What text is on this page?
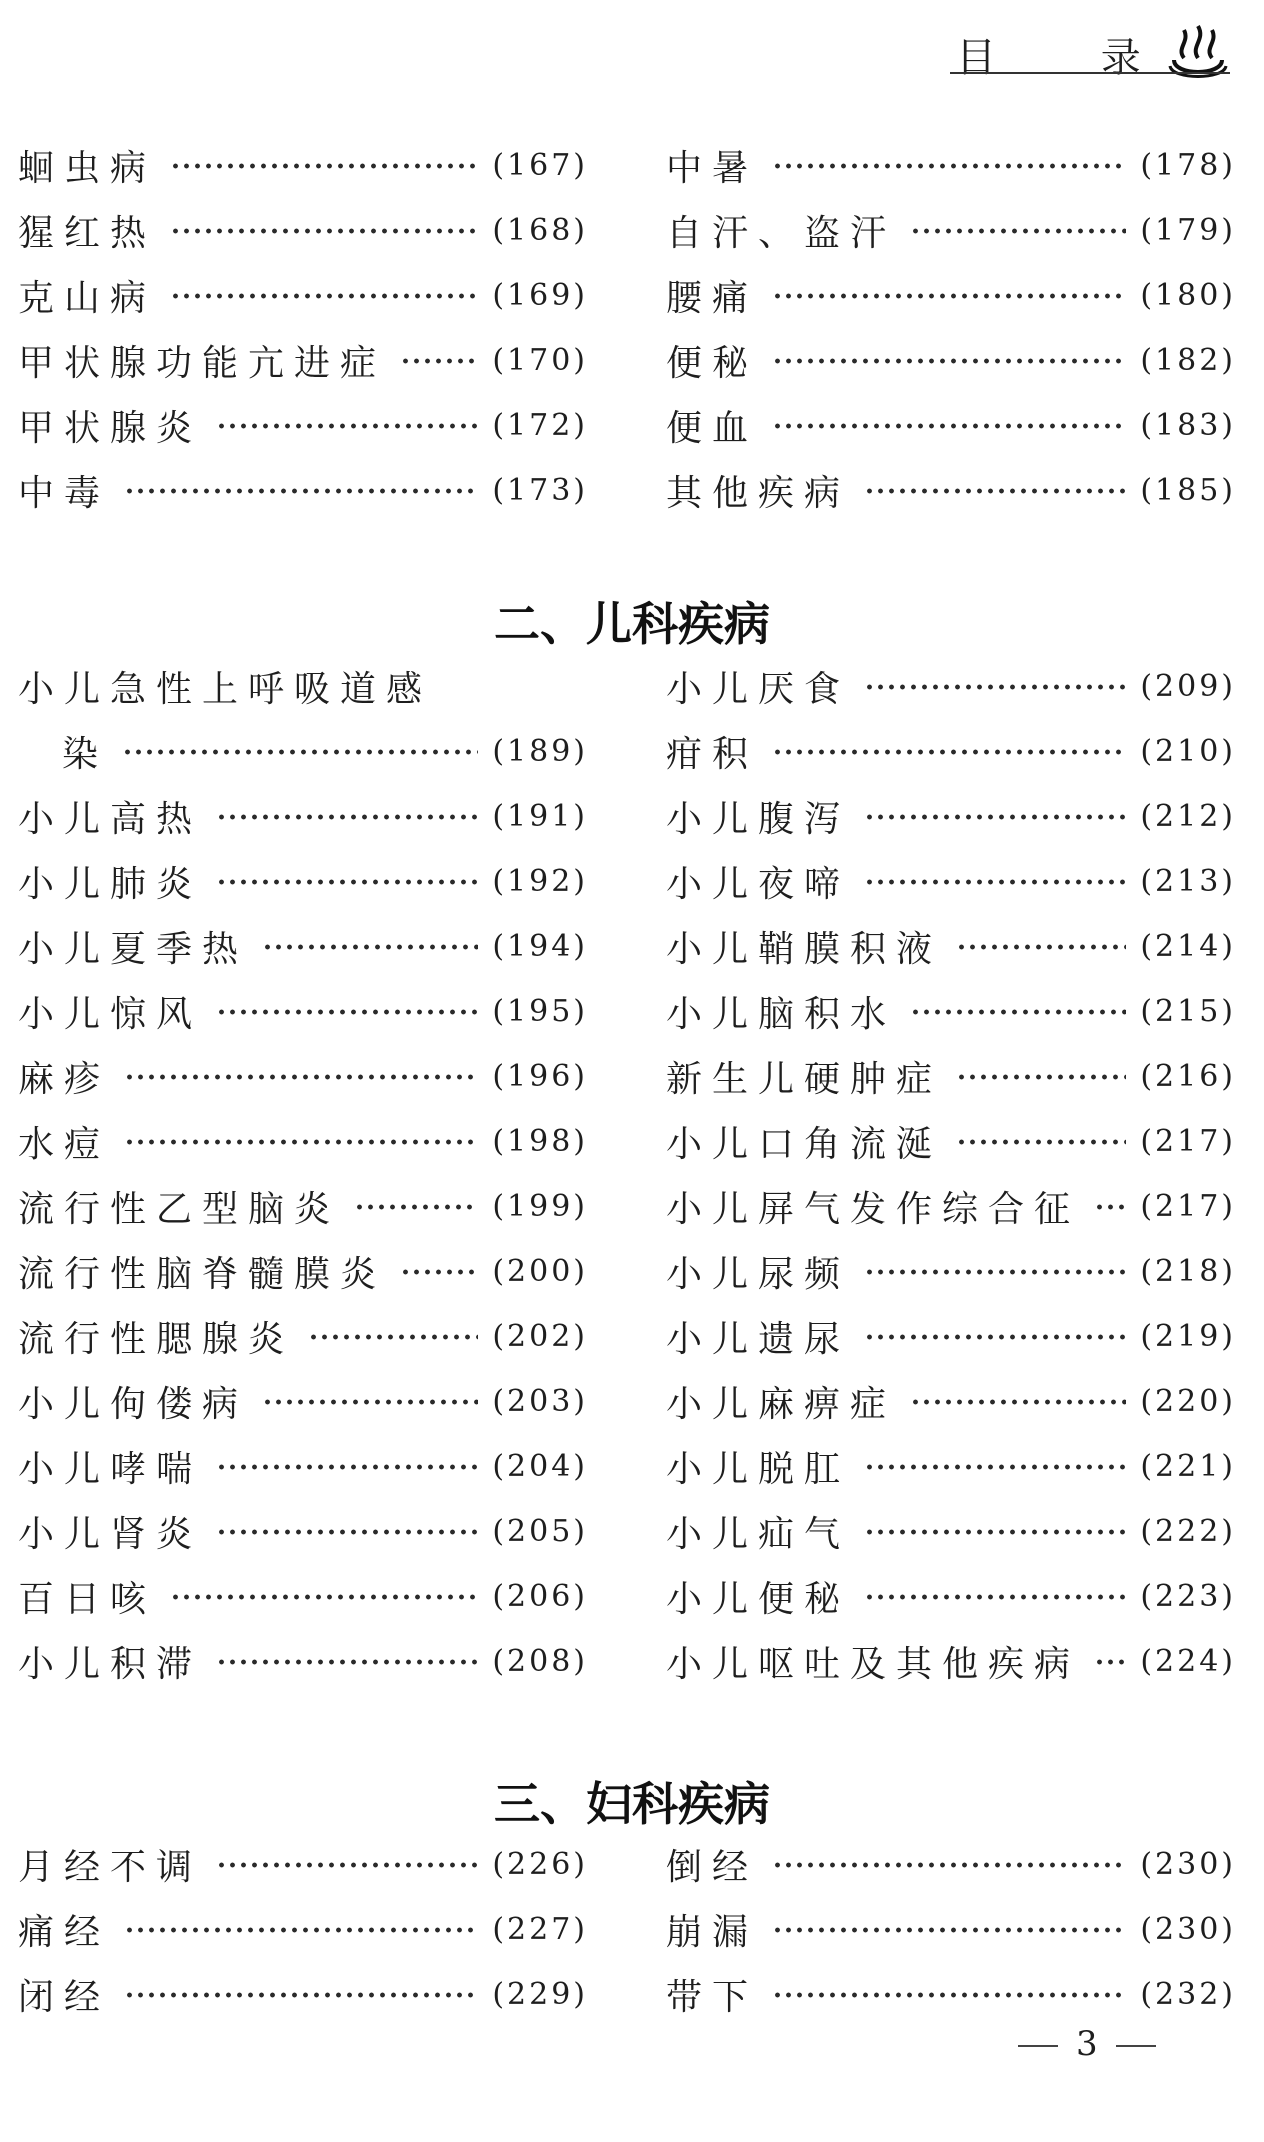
目 录
蛔虫病	(167)
猩红热	(168)
克山病	(169)
甲状腺功能亢进症	(170)
甲状腺炎	(172)
中毒	(173)
中暑	(178)
自汗、盗汗	(179)
腰痛	(180)
便秘	(182)
便血	(183)
其他疾病	(185)
二、儿科疾病
小儿急性上呼吸道感
染	(189)
小儿高热	(191)
小儿肺炎	(192)
小儿夏季热	(194)
小儿惊风	(195)
麻疹	(196)
水痘	(198)
流行性乙型脑炎	(199)
流行性脑脊髓膜炎	(200)
流行性腮腺炎	(202)
小儿佝偻病	(203)
小儿哮喘	(204)
小儿肾炎	(205)
百日咳	(206)
小儿积滞	(208)
小儿厌食	(209)
疳积	(210)
小儿腹泻	(212)
小儿夜啼	(213)
小儿鞘膜积液	(214)
小儿脑积水	(215)
新生儿硬肿症	(216)
小儿口角流涎	(217)
小儿屏气发作综合征	(217)
小儿尿频	(218)
小儿遗尿	(219)
小儿麻痹症	(220)
小儿脱肛	(221)
小儿疝气	(222)
小儿便秘	(223)
小儿呕吐及其他疾病	(224)
三、妇科疾病
月经不调	(226)
痛经	(227)
闭经	(229)
倒经	(230)
崩漏	(230)
带下	(232)
3
